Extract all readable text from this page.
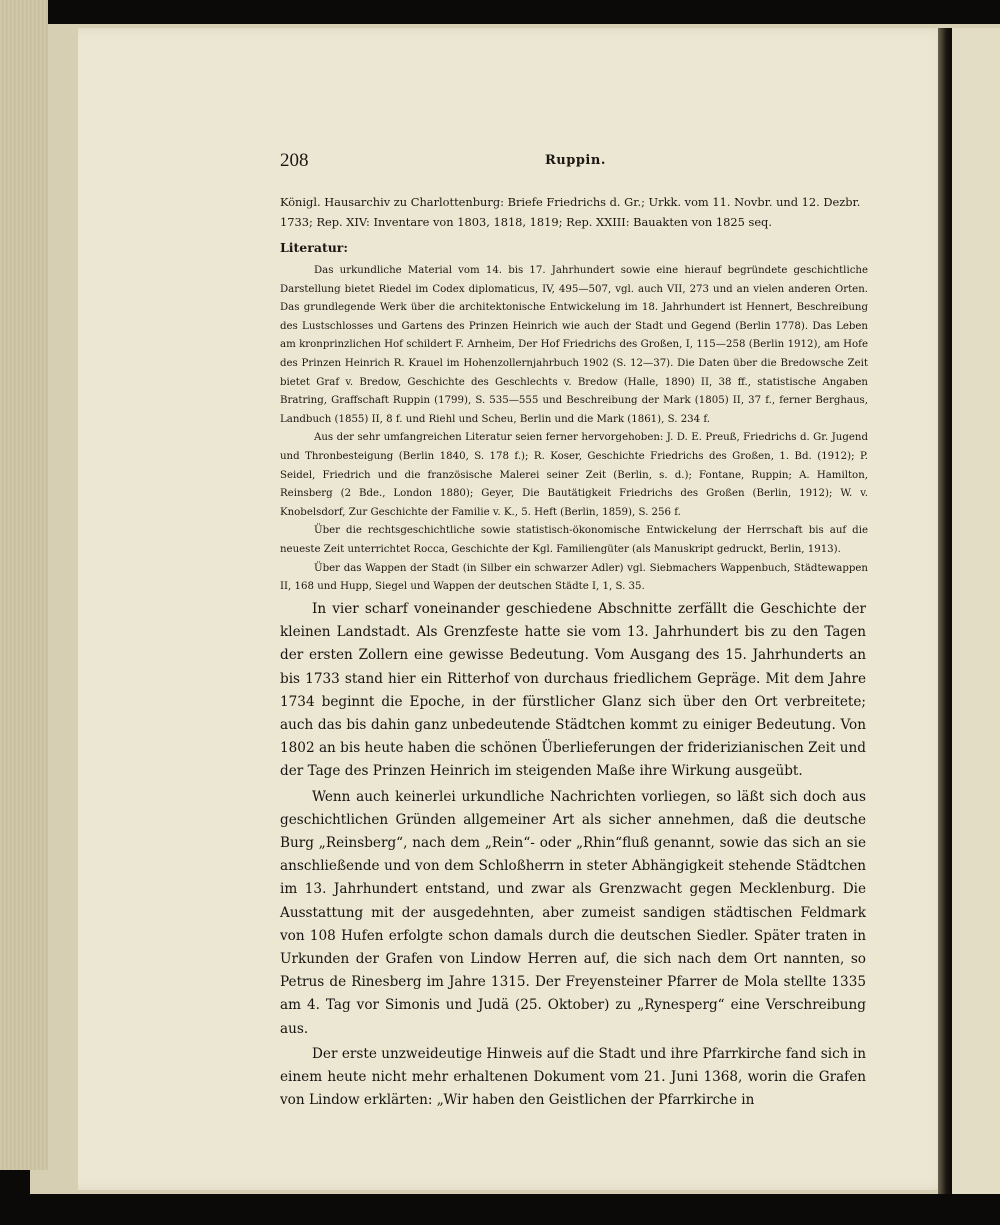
208	Ruppin.

Königl. Hausarchiv zu Charlottenburg: Briefe Friedrichs d. Gr.; Urkk. vom 11. Novbr. und 12. Dezbr. 1733; Rep. XIV: Inventare von 1803, 1818, 1819; Rep. XXIII: Bauakten von 1825 seq.

Literatur:

Das urkundliche Material vom 14. bis 17. Jahrhundert sowie eine hierauf begründete geschichtliche Darstellung bietet Riedel im Codex diplomaticus, IV, 495—507, vgl. auch VII, 273 und an vielen anderen Orten. Das grundlegende Werk über die architektonische Entwickelung im 18. Jahrhundert ist Hennert, Beschreibung des Lustschlosses und Gartens des Prinzen Heinrich wie auch der Stadt und Gegend (Berlin 1778). Das Leben am kronprinzlichen Hof schildert F. Arnheim, Der Hof Friedrichs des Großen, I, 115—258 (Berlin 1912), am Hofe des Prinzen Heinrich R. Krauel im Hohenzollernjahrbuch 1902 (S. 12—37). Die Daten über die Bredowsche Zeit bietet Graf v. Bredow, Geschichte des Geschlechts v. Bredow (Halle, 1890) II, 38 ff., statistische Angaben Bratring, Graffschaft Ruppin (1799), S. 535—555 und Beschreibung der Mark (1805) II, 37 f., ferner Berghaus, Landbuch (1855) II, 8 f. und Riehl und Scheu, Berlin und die Mark (1861), S. 234 f.

Aus der sehr umfangreichen Literatur seien ferner hervorgehoben: J. D. E. Preuß, Friedrichs d. Gr. Jugend und Thronbesteigung (Berlin 1840, S. 178 f.); R. Koser, Geschichte Friedrichs des Großen, 1. Bd. (1912); P. Seidel, Friedrich und die französische Malerei seiner Zeit (Berlin, s. d.); Fontane, Ruppin; A. Hamilton, Reinsberg (2 Bde., London 1880); Geyer, Die Bautätigkeit Friedrichs des Großen (Berlin, 1912); W. v. Knobelsdorf, Zur Geschichte der Familie v. K., 5. Heft (Berlin, 1859), S. 256 f.

Über die rechtsgeschichtliche sowie statistisch-ökonomische Entwickelung der Herrschaft bis auf die neueste Zeit unterrichtet Rocca, Geschichte der Kgl. Familiengüter (als Manuskript gedruckt, Berlin, 1913).

Über das Wappen der Stadt (in Silber ein schwarzer Adler) vgl. Siebmachers Wappenbuch, Städtewappen II, 168 und Hupp, Siegel und Wappen der deutschen Städte I, 1, S. 35.

In vier scharf voneinander geschiedene Abschnitte zerfällt die Geschichte der kleinen Landstadt. Als Grenzfeste hatte sie vom 13. Jahrhundert bis zu den Tagen der ersten Zollern eine gewisse Bedeutung. Vom Ausgang des 15. Jahrhunderts an bis 1733 stand hier ein Ritterhof von durchaus friedlichem Gepräge. Mit dem Jahre 1734 beginnt die Epoche, in der fürstlicher Glanz sich über den Ort verbreitete; auch das bis dahin ganz unbedeutende Städtchen kommt zu einiger Bedeutung. Von 1802 an bis heute haben die schönen Überlieferungen der friderizianischen Zeit und der Tage des Prinzen Heinrich im steigenden Maße ihre Wirkung ausgeübt.

Wenn auch keinerlei urkundliche Nachrichten vorliegen, so läßt sich doch aus geschichtlichen Gründen allgemeiner Art als sicher annehmen, daß die deutsche Burg „Reinsberg“, nach dem „Rein“- oder „Rhin“fluß genannt, sowie das sich an sie anschließende und von dem Schloßherrn in steter Abhängigkeit stehende Städtchen im 13. Jahrhundert entstand, und zwar als Grenzwacht gegen Mecklenburg. Die Ausstattung mit der ausgedehnten, aber zumeist sandigen städtischen Feldmark von 108 Hufen erfolgte schon damals durch die deutschen Siedler. Später traten in Urkunden der Grafen von Lindow Herren auf, die sich nach dem Ort nannten, so Petrus de Rinesberg im Jahre 1315. Der Freyensteiner Pfarrer de Mola stellte 1335 am 4. Tag vor Simonis und Judä (25. Oktober) zu „Rynesperg“ eine Verschreibung aus.

Der erste unzweideutige Hinweis auf die Stadt und ihre Pfarrkirche fand sich in einem heute nicht mehr erhaltenen Dokument vom 21. Juni 1368, worin die Grafen von Lindow erklärten: „Wir haben den Geistlichen der Pfarrkirche in
